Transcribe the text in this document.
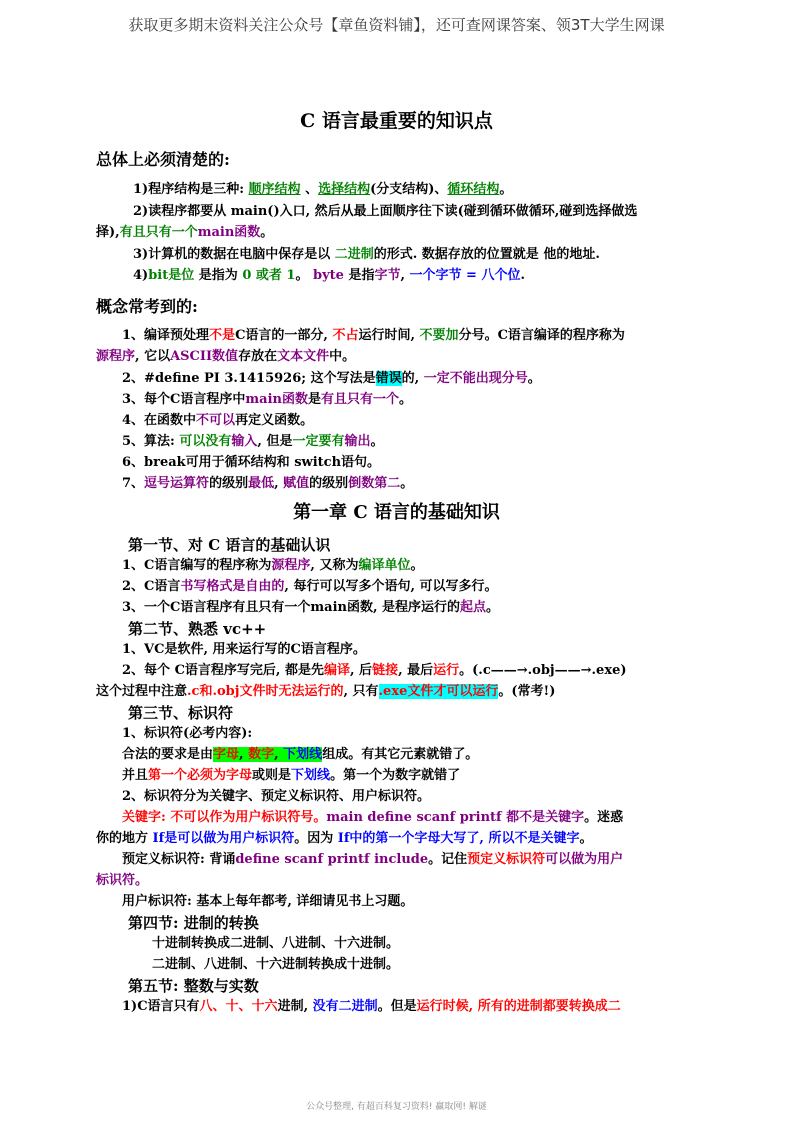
获取更多期末资料关注公众号【章鱼资料铺】，还可查网课答案、领3T大学生网课
C 语言最重要的知识点
总体上必须清楚的:
1)程序结构是三种: 顺序结构 、选择结构(分支结构)、循环结构。
2)读程序都要从 main()入口, 然后从最上面顺序往下读(碰到循环做循环,碰到选择做选
择),有且只有一个main函数。
3)计算机的数据在电脑中保存是以 二进制的形式. 数据存放的位置就是 他的地址.
4)bit是位 是指为 0 或者 1。 byte 是指字节, 一个字节 = 八个位.
概念常考到的:
1、编译预处理不是C语言的一部分, 不占运行时间, 不要加分号。C语言编译的程序称为
源程序, 它以ASCII数值存放在文本文件中。
2、#define PI 3.1415926; 这个写法是错误的, 一定不能出现分号。
3、每个C语言程序中main函数是有且只有一个。
4、在函数中不可以再定义函数。
5、算法: 可以没有输入, 但是一定要有输出。
6、break可用于循环结构和 switch语句。
7、逗号运算符的级别最低, 赋值的级别倒数第二。
第一章 C 语言的基础知识
第一节、对 C 语言的基础认识
1、C语言编写的程序称为源程序, 又称为编译单位。
2、C语言书写格式是自由的, 每行可以写多个语句, 可以写多行。
3、一个C语言程序有且只有一个main函数, 是程序运行的起点。
第二节、熟悉 vc++
1、VC是软件, 用来运行写的C语言程序。
2、每个 C语言程序写完后, 都是先编译, 后链接, 最后运行。(.c——→.obj——→.exe)
这个过程中注意.c和.obj文件时无法运行的, 只有.exe文件才可以运行。(常考!)
第三节、标识符
1、标识符(必考内容):
合法的要求是由字母, 数字, 下划线组成。有其它元素就错了。
并且第一个必须为字母或则是下划线。第一个为数字就错了
2、标识符分为关键字、预定义标识符、用户标识符。
关键字: 不可以作为用户标识符号。main define scanf printf 都不是关键字。迷惑
你的地方 If是可以做为用户标识符。因为 If中的第一个字母大写了, 所以不是关键字。
预定义标识符: 背诵define scanf printf include。记住预定义标识符可以做为用户
标识符。
用户标识符: 基本上每年都考, 详细请见书上习题。
第四节: 进制的转换
十进制转换成二进制、八进制、十六进制。
二进制、八进制、十六进制转换成十进制。
第五节: 整数与实数
1)C语言只有八、十、十六进制, 没有二进制。但是运行时候, 所有的进制都要转换成二
公众号整理, 有超百科复习资料! 赢取网! 解谜
